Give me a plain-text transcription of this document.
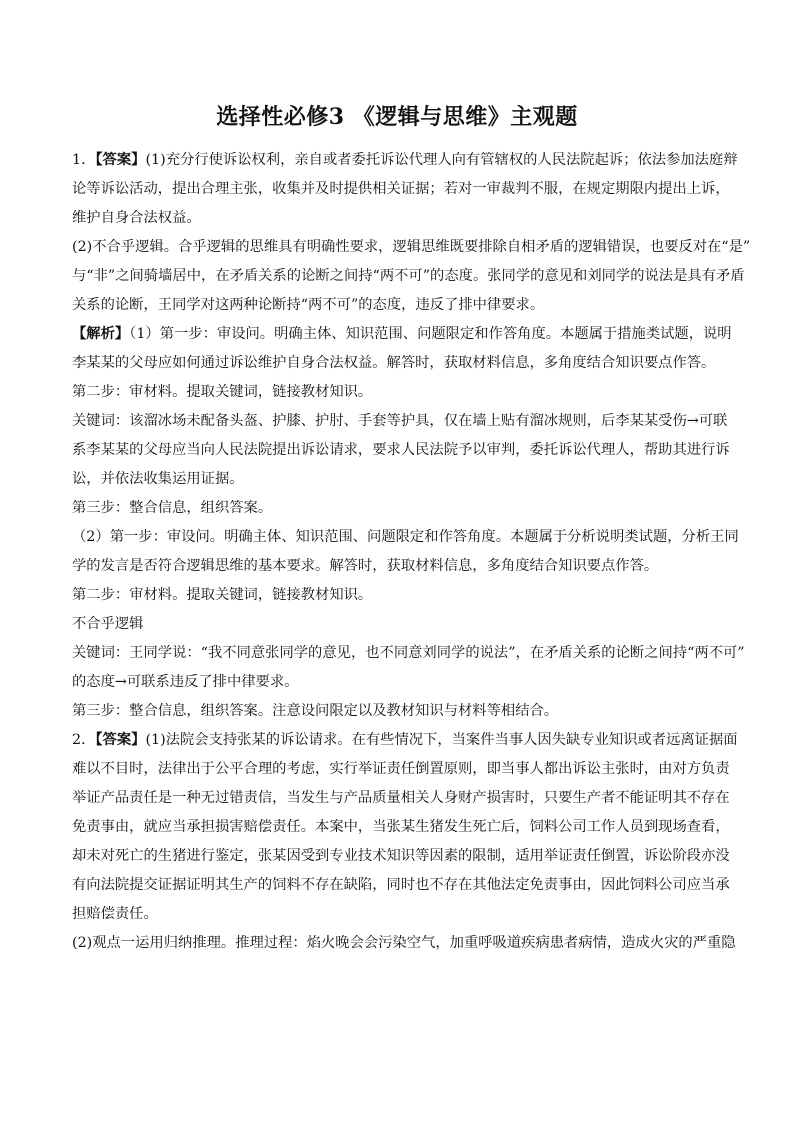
选择性必修3 《逻辑与思维》主观题
1．【答案】(1)充分行使诉讼权利，亲自或者委托诉讼代理人向有管辖权的人民法院起诉；依法参加法庭辩
论等诉讼活动，提出合理主张，收集并及时提供相关证据；若对一审裁判不服，在规定期限内提出上诉，
维护自身合法权益。
(2)不合乎逻辑。合乎逻辑的思维具有明确性要求，逻辑思维既要排除自相矛盾的逻辑错误，也要反对在“是”
与“非”之间骑墙居中，在矛盾关系的论断之间持“两不可”的态度。张同学的意见和刘同学的说法是具有矛盾
关系的论断，王同学对这两种论断持“两不可”的态度，违反了排中律要求。
【解析】（1）第一步：审设问。明确主体、知识范围、问题限定和作答角度。本题属于措施类试题，说明
李某某的父母应如何通过诉讼维护自身合法权益。解答时，获取材料信息，多角度结合知识要点作答。
第二步：审材料。提取关键词，链接教材知识。
关键词：该溜冰场未配备头盔、护膝、护肘、手套等护具，仅在墙上贴有溜冰规则，后李某某受伤→可联
系李某某的父母应当向人民法院提出诉讼请求，要求人民法院予以审判，委托诉讼代理人，帮助其进行诉
讼，并依法收集运用证据。
第三步：整合信息，组织答案。
（2）第一步：审设问。明确主体、知识范围、问题限定和作答角度。本题属于分析说明类试题，分析王同
学的发言是否符合逻辑思维的基本要求。解答时，获取材料信息，多角度结合知识要点作答。
第二步：审材料。提取关键词，链接教材知识。
不合乎逻辑
关键词：王同学说：“我不同意张同学的意见，也不同意刘同学的说法”，在矛盾关系的论断之间持“两不可”
的态度→可联系违反了排中律要求。
第三步：整合信息，组织答案。注意设问限定以及教材知识与材料等相结合。
2．【答案】(1)法院会支持张某的诉讼请求。在有些情况下，当案件当事人因失缺专业知识或者远离证据面
难以不目时，法律出于公平合理的考虑，实行举证责任倒置原则，即当事人都出诉讼主张时，由对方负责
举证产品责任是一种无过错责信，当发生与产品质量相关人身财产损害时，只要生产者不能证明其不存在
免责事由，就应当承担损害赔偿责任。本案中，当张某生猪发生死亡后，饲料公司工作人员到现场查看，
却未对死亡的生猪进行鉴定，张某因受到专业技术知识等因素的限制，适用举证责任倒置，诉讼阶段亦没
有向法院提交证据证明其生产的饲料不存在缺陷，同时也不存在其他法定免责事由，因此饲料公司应当承
担赔偿责任。
(2)观点一运用归纳推理。推理过程：焰火晚会会污染空气，加重呼吸道疾病患者病情，造成火灾的严重隐
